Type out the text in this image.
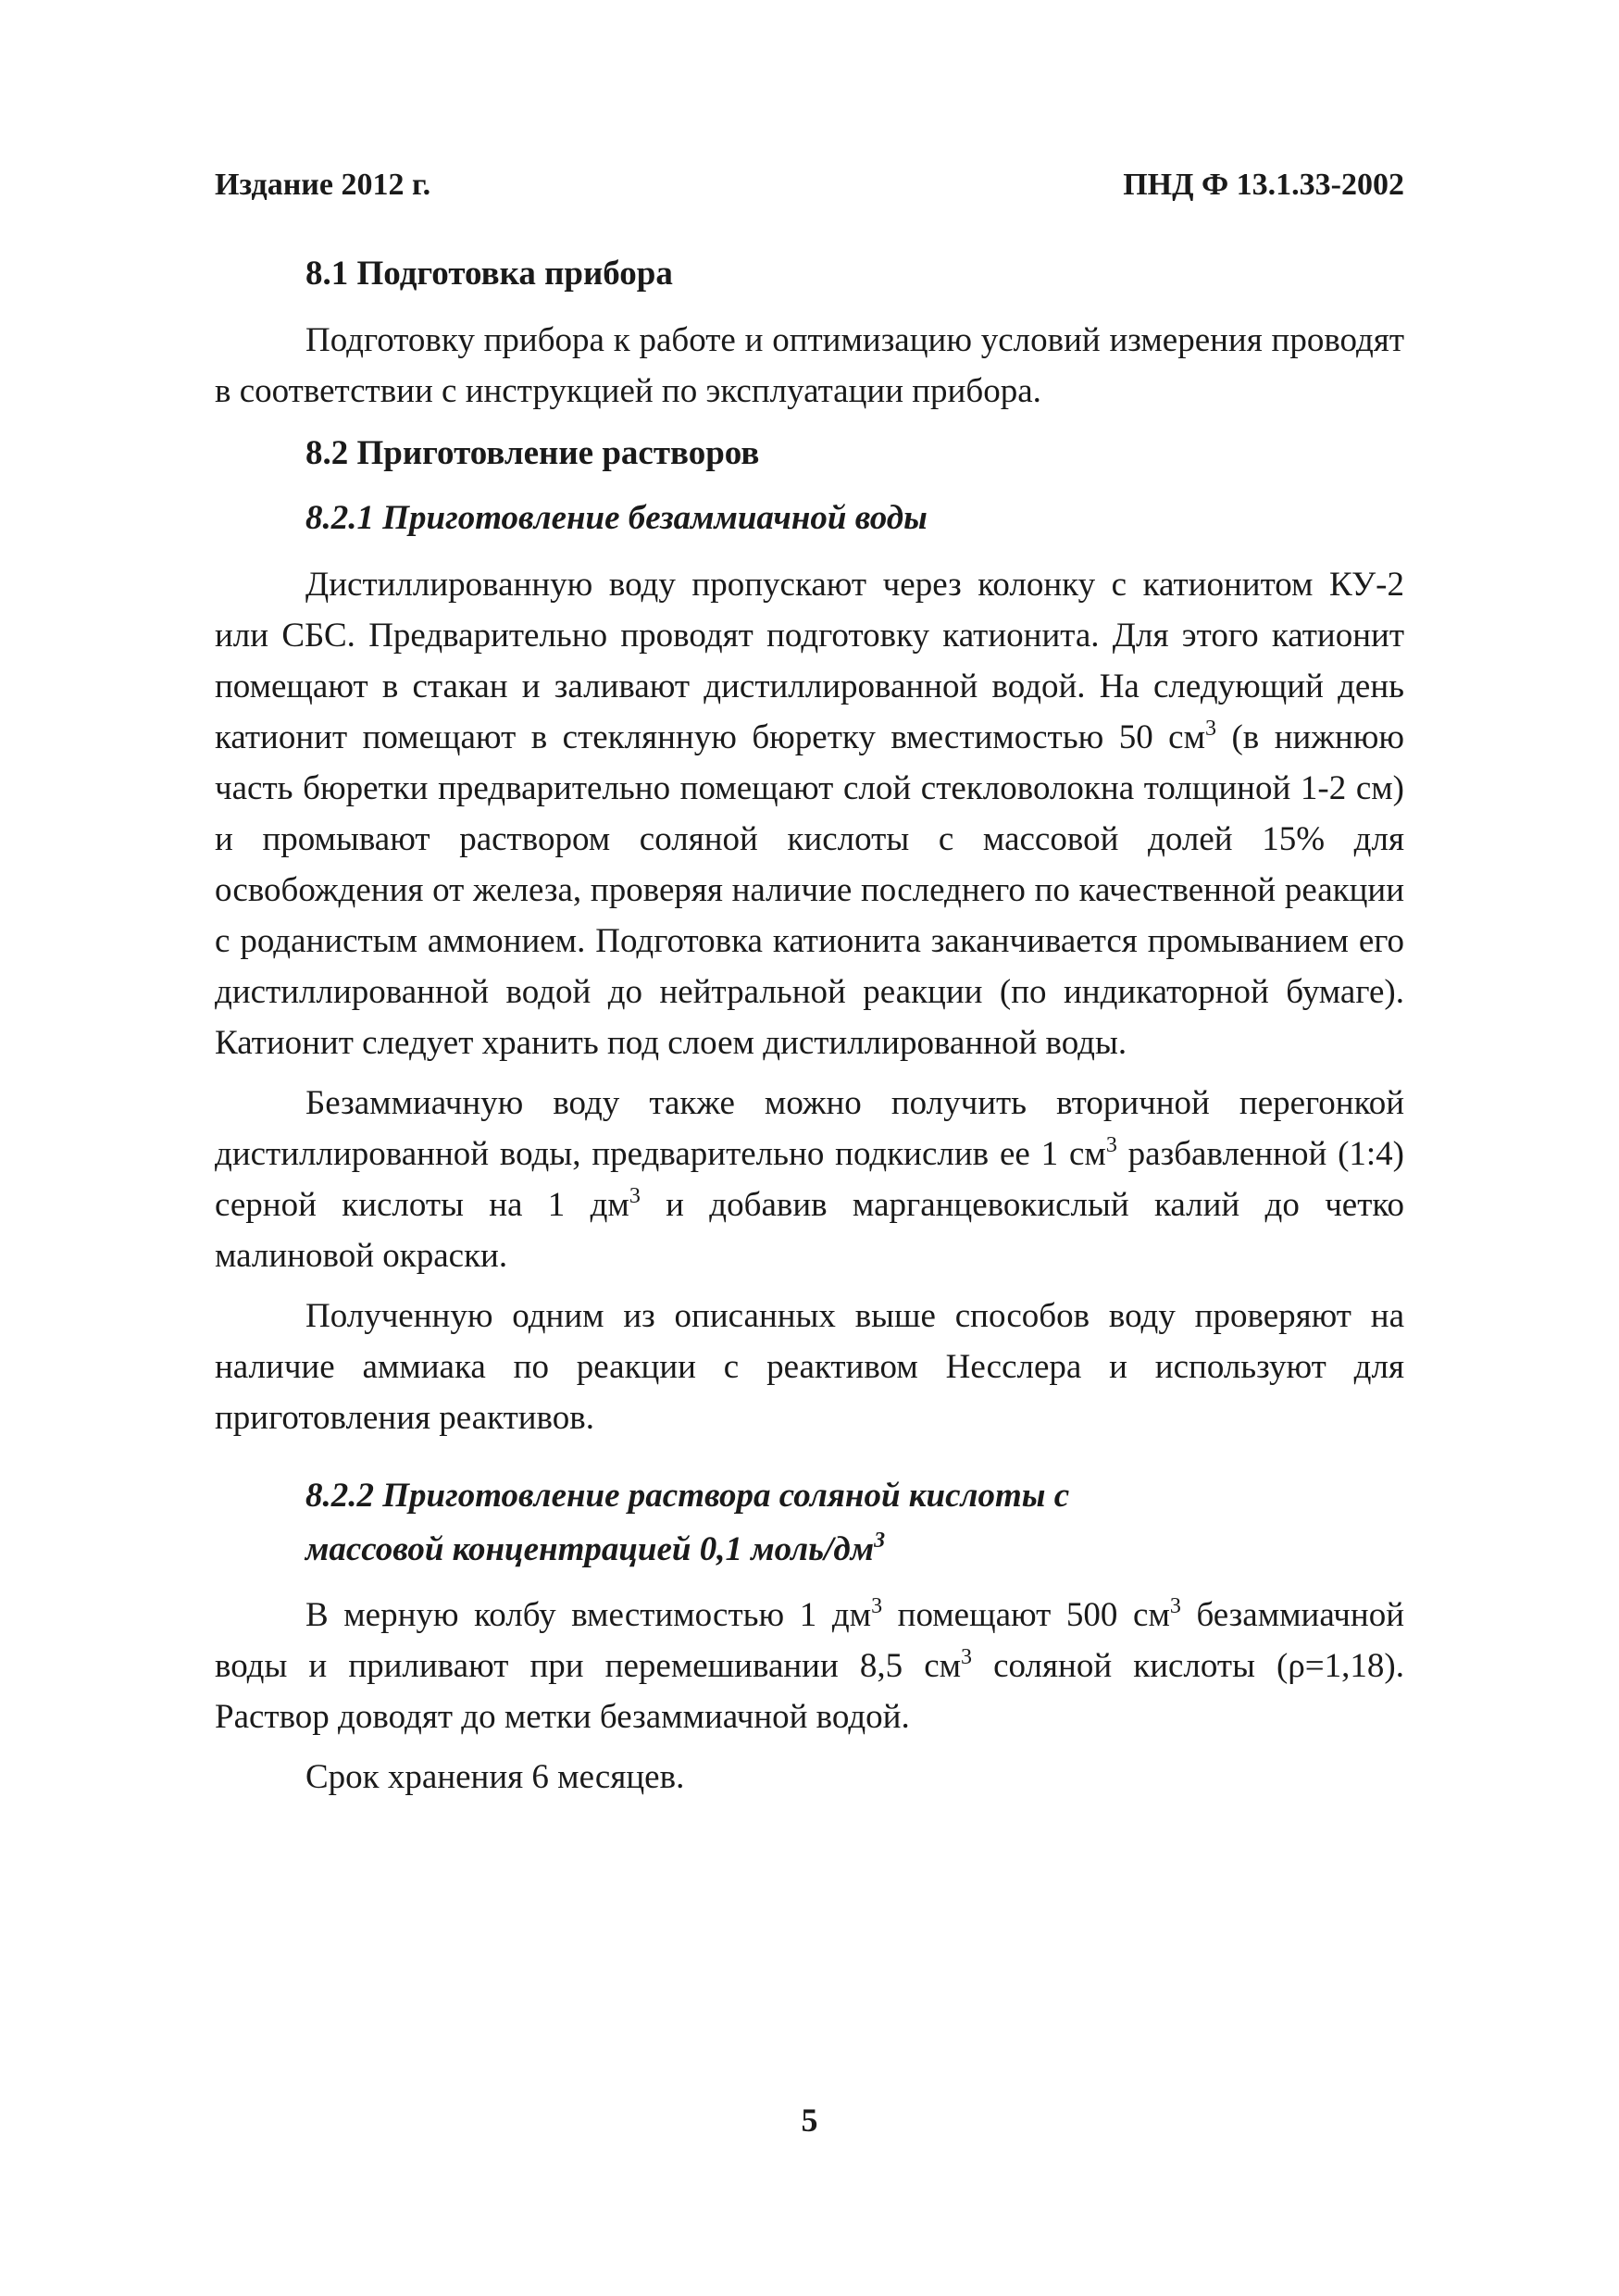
Издание 2012 г.	ПНД Ф 13.1.33-2002
8.1 Подготовка прибора

Подготовку прибора к работе и оптимизацию условий измерения проводят в соответствии с инструкцией по эксплуатации прибора.

8.2 Приготовление растворов
8.2.1 Приготовление безаммиачной воды

Дистиллированную воду пропускают через колонку с катионитом КУ-2 или СБС. Предварительно проводят подготовку катионита. Для этого катионит помещают в стакан и заливают дистиллированной водой. На следующий день катионит помещают в стеклянную бюретку вместимостью 50 $см^3$ (в нижнюю часть бюретки предварительно помещают слой стекловолокна толщиной 1-2 см) и промывают раствором соляной кислоты с массовой долей 15% для освобождения от железа, проверяя наличие последнего по качественной реакции с роданистым аммонием. Подготовка катионита заканчивается промыванием его дистиллированной водой до нейтральной реакции (по индикаторной бумаге). Катионит следует хранить под слоем дистиллированной воды.

Безаммиачную воду также можно получить вторичной перегонкой дистиллированной воды, предварительно подкислив ее 1 $см^3$ разбавленной (1:4) серной кислоты на 1 $дм^3$ и добавив марганцевокислый калий до четко малиновой окраски.

Полученную одним из описанных выше способов воду проверяют на наличие аммиака по реакции с реактивом Несслера и используют для приготовления реактивов.

8.2.2 Приготовление раствора соляной кислоты с
массовой концентрацией 0,1 моль/$дм^3$

В мерную колбу вместимостью 1 $дм^3$ помещают 500 $см^3$ безаммиачной воды и приливают при перемешивании 8,5 $см^3$ соляной кислоты (ρ=1,18). Раствор доводят до метки безаммиачной водой.

Срок хранения 6 месяцев.

5
